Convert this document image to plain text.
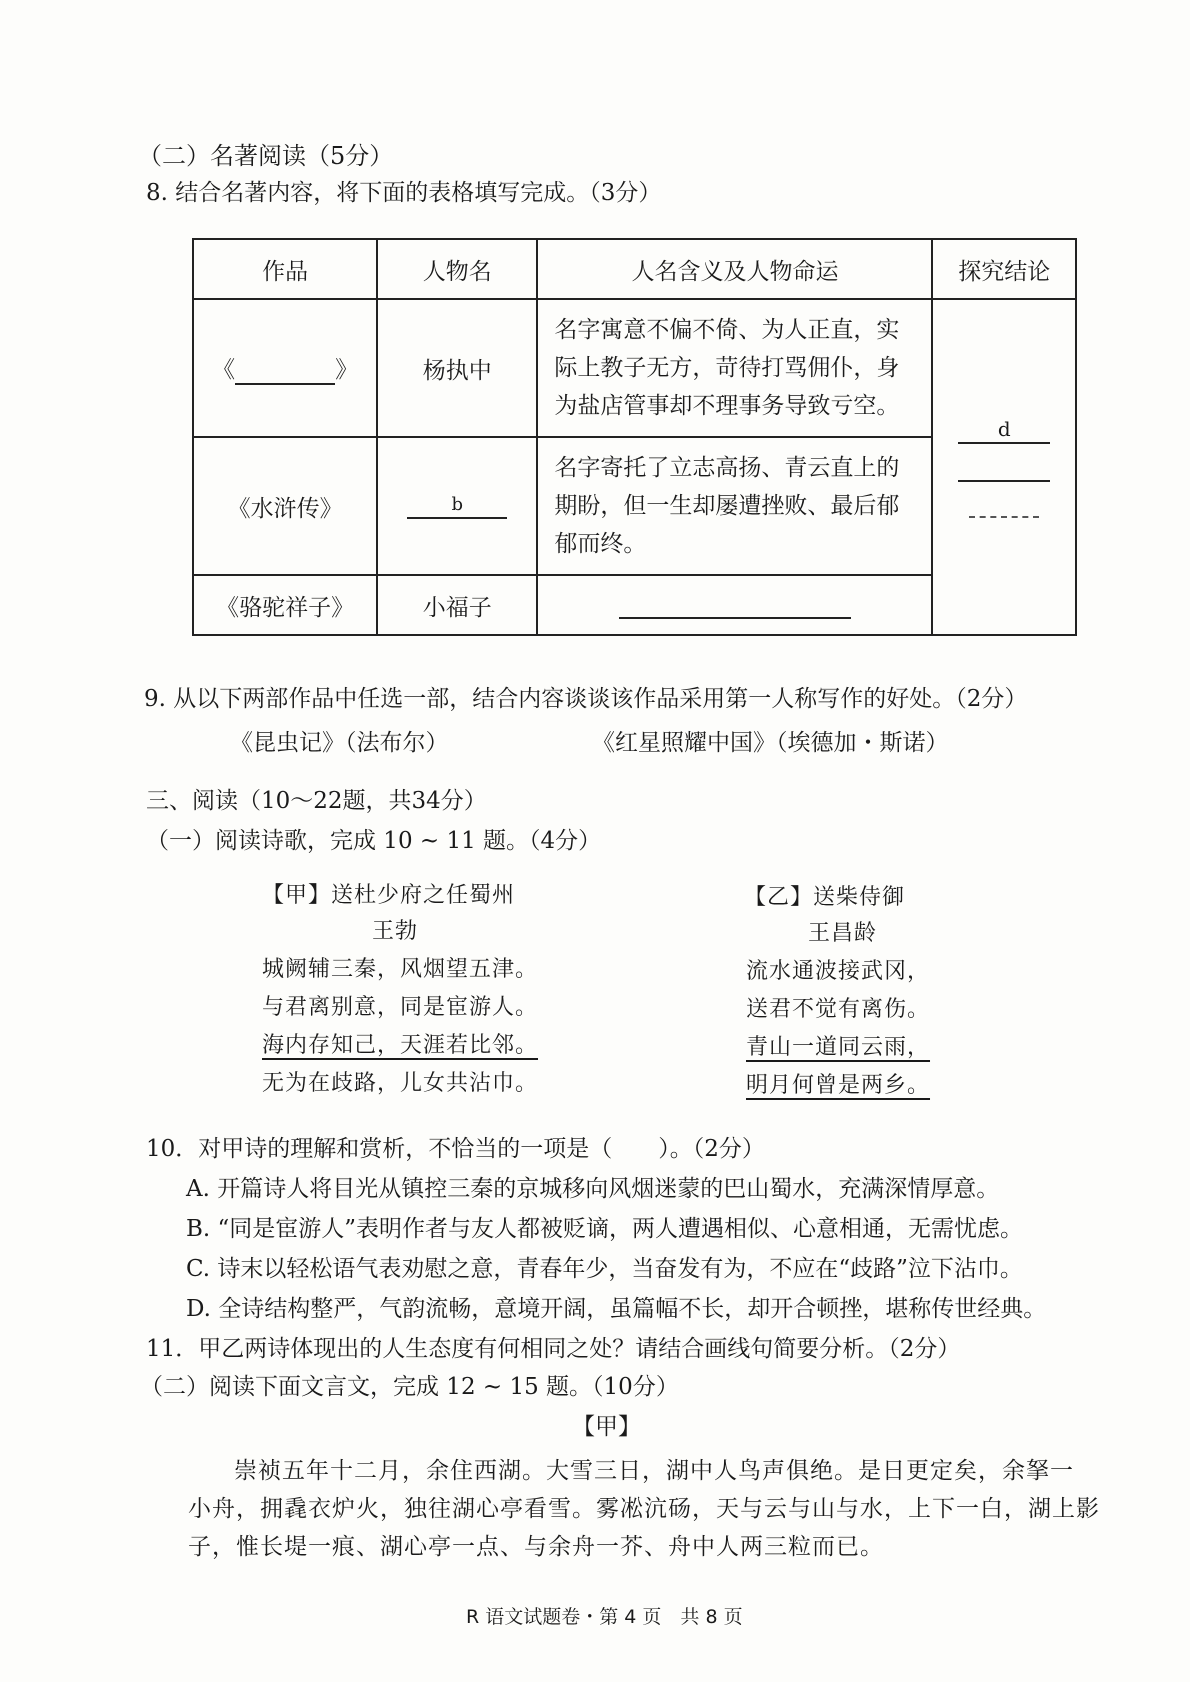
（二）名著阅读（5分）
8. 结合名著内容，将下面的表格填写完成。（3分）
作品	人物名	人名含义及人物命运	探究结论
《 》	杨执中	名字寓意不偏不倚、为人正直，实际上教子无方，苛待打骂佣仆，身为盐店管事却不理事务导致亏空。	d

《水浒传》	b	名字寄托了立志高扬、青云直上的期盼，但一生却屡遭挫败、最后郁郁而终。	
《骆驼祥子》	小福子		
9. 从以下两部作品中任选一部，结合内容谈谈该作品采用第一人称写作的好处。（2分）
《昆虫记》（法布尔）	《红星照耀中国》（埃德加・斯诺）
三、阅读（10～22题，共34分）
（一）阅读诗歌，完成 10 ~ 11 题。（4分）
【甲】送杜少府之任蜀州
王勃
城阙辅三秦，风烟望五津。
与君离别意，同是宦游人。
海内存知己，天涯若比邻。
无为在歧路，儿女共沾巾。
【乙】送柴侍御
王昌龄
流水通波接武冈，
送君不觉有离伤。
青山一道同云雨，
明月何曾是两乡。
10．对甲诗的理解和赏析，不恰当的一项是（　　）。（2分）
A. 开篇诗人将目光从镇控三秦的京城移向风烟迷蒙的巴山蜀水，充满深情厚意。
B. “同是宦游人”表明作者与友人都被贬谪，两人遭遇相似、心意相通，无需忧虑。
C. 诗末以轻松语气表劝慰之意，青春年少，当奋发有为，不应在“歧路”泣下沾巾。
D. 全诗结构整严，气韵流畅，意境开阔，虽篇幅不长，却开合顿挫，堪称传世经典。
11．甲乙两诗体现出的人生态度有何相同之处？请结合画线句简要分析。（2分）
（二）阅读下面文言文，完成 12 ~ 15 题。（10分）
【甲】
崇祯五年十二月，余住西湖。大雪三日，湖中人鸟声俱绝。是日更定矣，余拏一
小舟，拥毳衣炉火，独往湖心亭看雪。雾凇沆砀，天与云与山与水，上下一白，湖上影
子，惟长堤一痕、湖心亭一点、与余舟一芥、舟中人两三粒而已。
R 语文试题卷・第 4 页　共 8 页
